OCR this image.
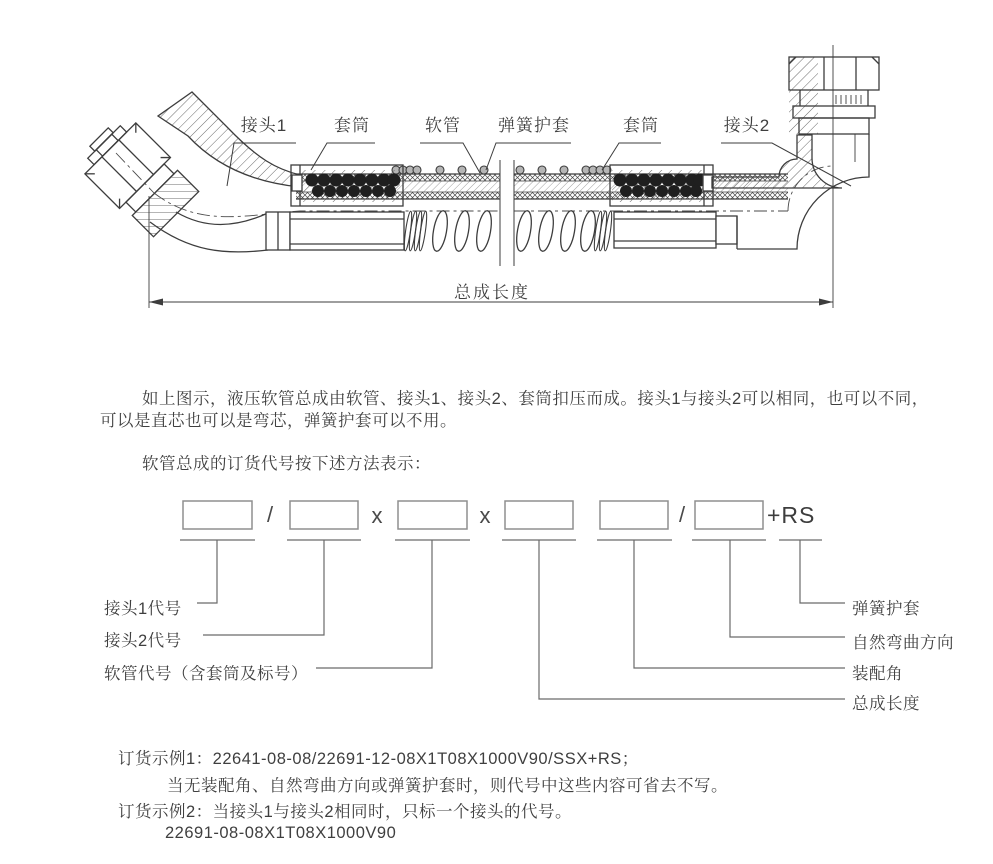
接头1	套筒	软管 弹簧护套	套筒	接头2
总成长度
如上图示，液压软管总成由软管、接头1、接头2、套筒扣压而成。接头1与接头2可以相同，也可以不同，
可以是直芯也可以是弯芯，弹簧护套可以不用。
软管总成的订货代号按下述方法表示：
/	x	x	/	+RS
接头1代号
接头2代号
软管代号（含套筒及标号）
弹簧护套
自然弯曲方向
装配角
总成长度
订货示例1：22641-08-08/22691-12-08X1T08X1000V90/SSX+RS；
当无装配角、自然弯曲方向或弹簧护套时，则代号中这些内容可省去不写。
订货示例2：当接头1与接头2相同时，只标一个接头的代号。
22691-08-08X1T08X1000V90
